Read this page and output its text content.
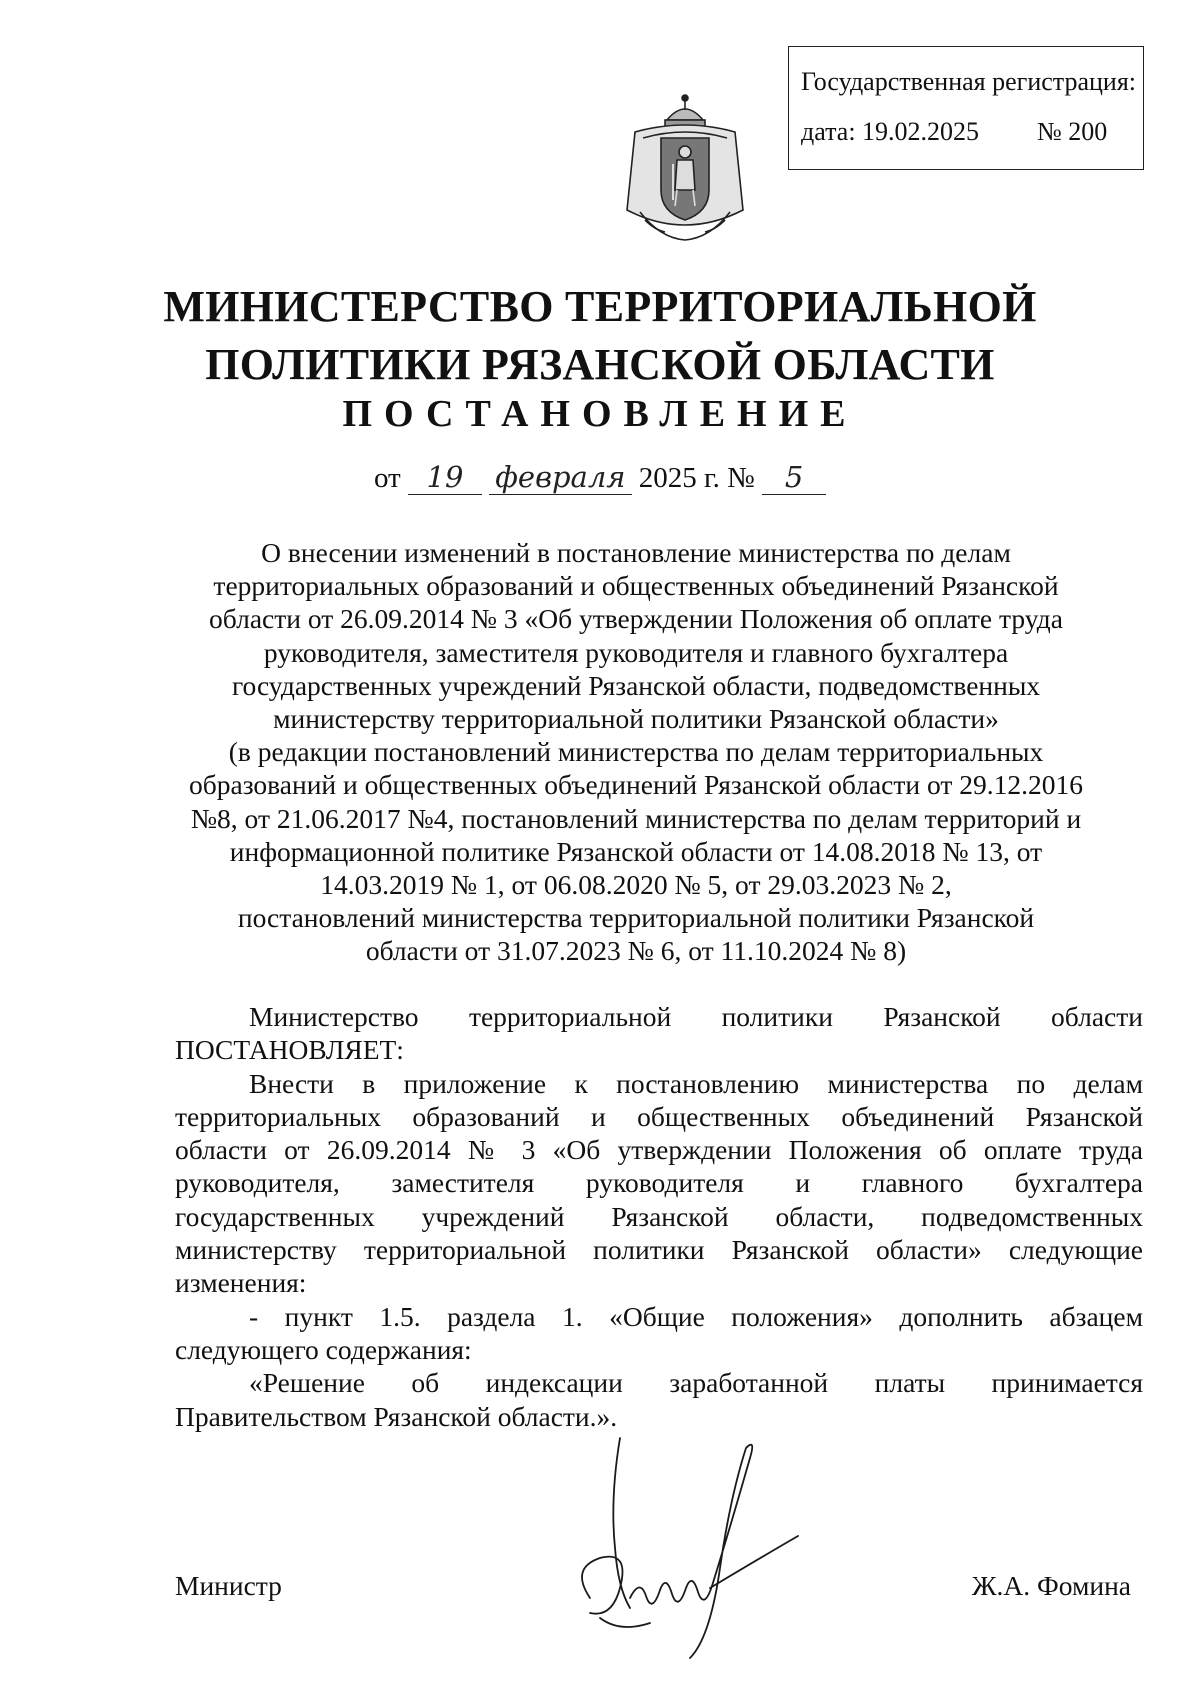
Государственная регистрация:
дата: 19.02.2025 № 200
МИНИСТЕРСТВО ТЕРРИТОРИАЛЬНОЙ
ПОЛИТИКИ РЯЗАНСКОЙ ОБЛАСТИ
ПОСТАНОВЛЕНИЕ
от 19 февраля 2025 г. № 5
О внесении изменений в постановление министерства по делам
территориальных образований и общественных объединений Рязанской
области от 26.09.2014 № 3 «Об утверждении Положения об оплате труда
руководителя, заместителя руководителя и главного бухгалтера
государственных учреждений Рязанской области, подведомственных
министерству территориальной политики Рязанской области»
(в редакции постановлений министерства по делам территориальных
образований и общественных объединений Рязанской области от 29.12.2016
№8, от 21.06.2017 №4, постановлений министерства по делам территорий и
информационной политике Рязанской области от 14.08.2018 № 13, от
14.03.2019 № 1, от 06.08.2020 № 5, от 29.03.2023 № 2,
постановлений министерства территориальной политики Рязанской
области от 31.07.2023 № 6, от 11.10.2024 № 8)
Министерство территориальной политики Рязанской области
ПОСТАНОВЛЯЕТ:
Внести в приложение к постановлению министерства по делам
территориальных образований и общественных объединений Рязанской
области от 26.09.2014 № 3 «Об утверждении Положения об оплате труда
руководителя, заместителя руководителя и главного бухгалтера
государственных учреждений Рязанской области, подведомственных
министерству территориальной политики Рязанской области» следующие
изменения:
- пункт 1.5. раздела 1. «Общие положения» дополнить абзацем
следующего содержания:
«Решение об индексации заработанной платы принимается
Правительством Рязанской области.».
Министр	Ж.А. Фомина
